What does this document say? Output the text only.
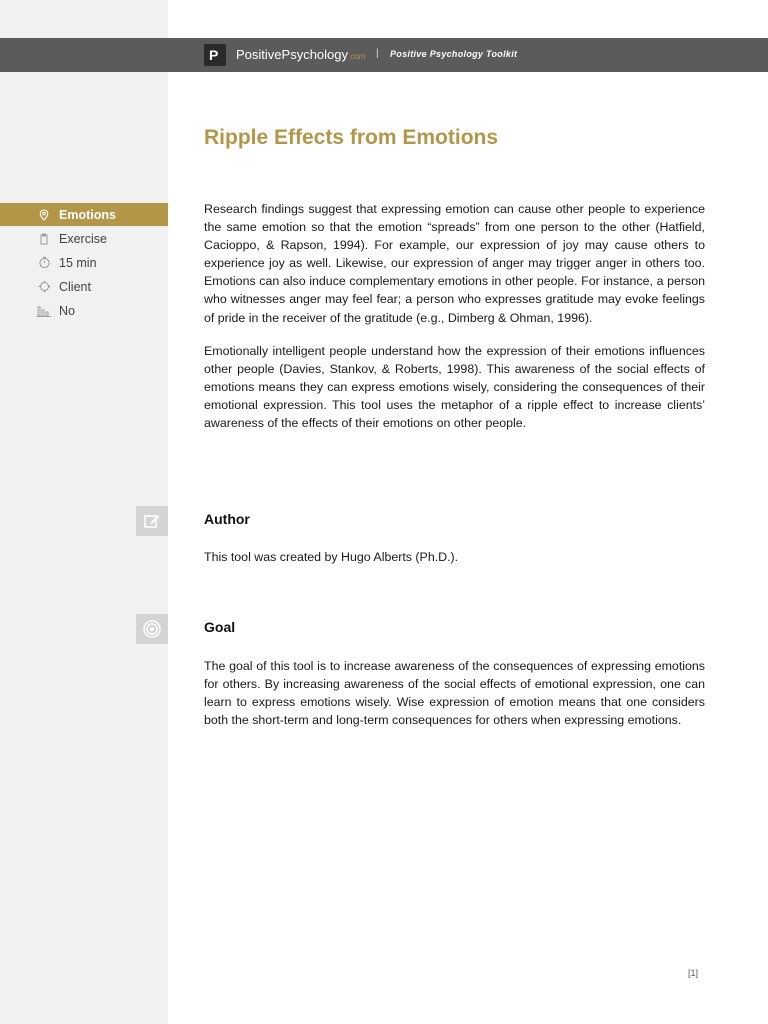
P PositivePsychology.com | Positive Psychology Toolkit
Ripple Effects from Emotions
Emotions
Exercise
15 min
Client
No

Research findings suggest that expressing emotion can cause other people to experience the same emotion so that the emotion “spreads” from one person to the other (Hatfield, Cacioppo, & Rapson, 1994). For example, our expression of joy may cause others to experience joy as well. Likewise, our expression of anger may trigger anger in others too. Emotions can also induce complementary emotions in other people. For instance, a person who witnesses anger may feel fear; a person who expresses gratitude may evoke feelings of pride in the receiver of the gratitude (e.g., Dimberg & Ohman, 1996).

Emotionally intelligent people understand how the expression of their emotions influences other people (Davies, Stankov, & Roberts, 1998). This awareness of the social effects of emotions means they can express emotions wisely, considering the consequences of their emotional expression. This tool uses the metaphor of a ripple effect to increase clients’ awareness of the effects of their emotions on other people.

Author

This tool was created by Hugo Alberts (Ph.D.).

Goal

The goal of this tool is to increase awareness of the consequences of expressing emotions for others. By increasing awareness of the social effects of emotional expression, one can learn to express emotions wisely. Wise expression of emotion means that one considers both the short-term and long-term consequences for others when expressing emotions.

[1]
